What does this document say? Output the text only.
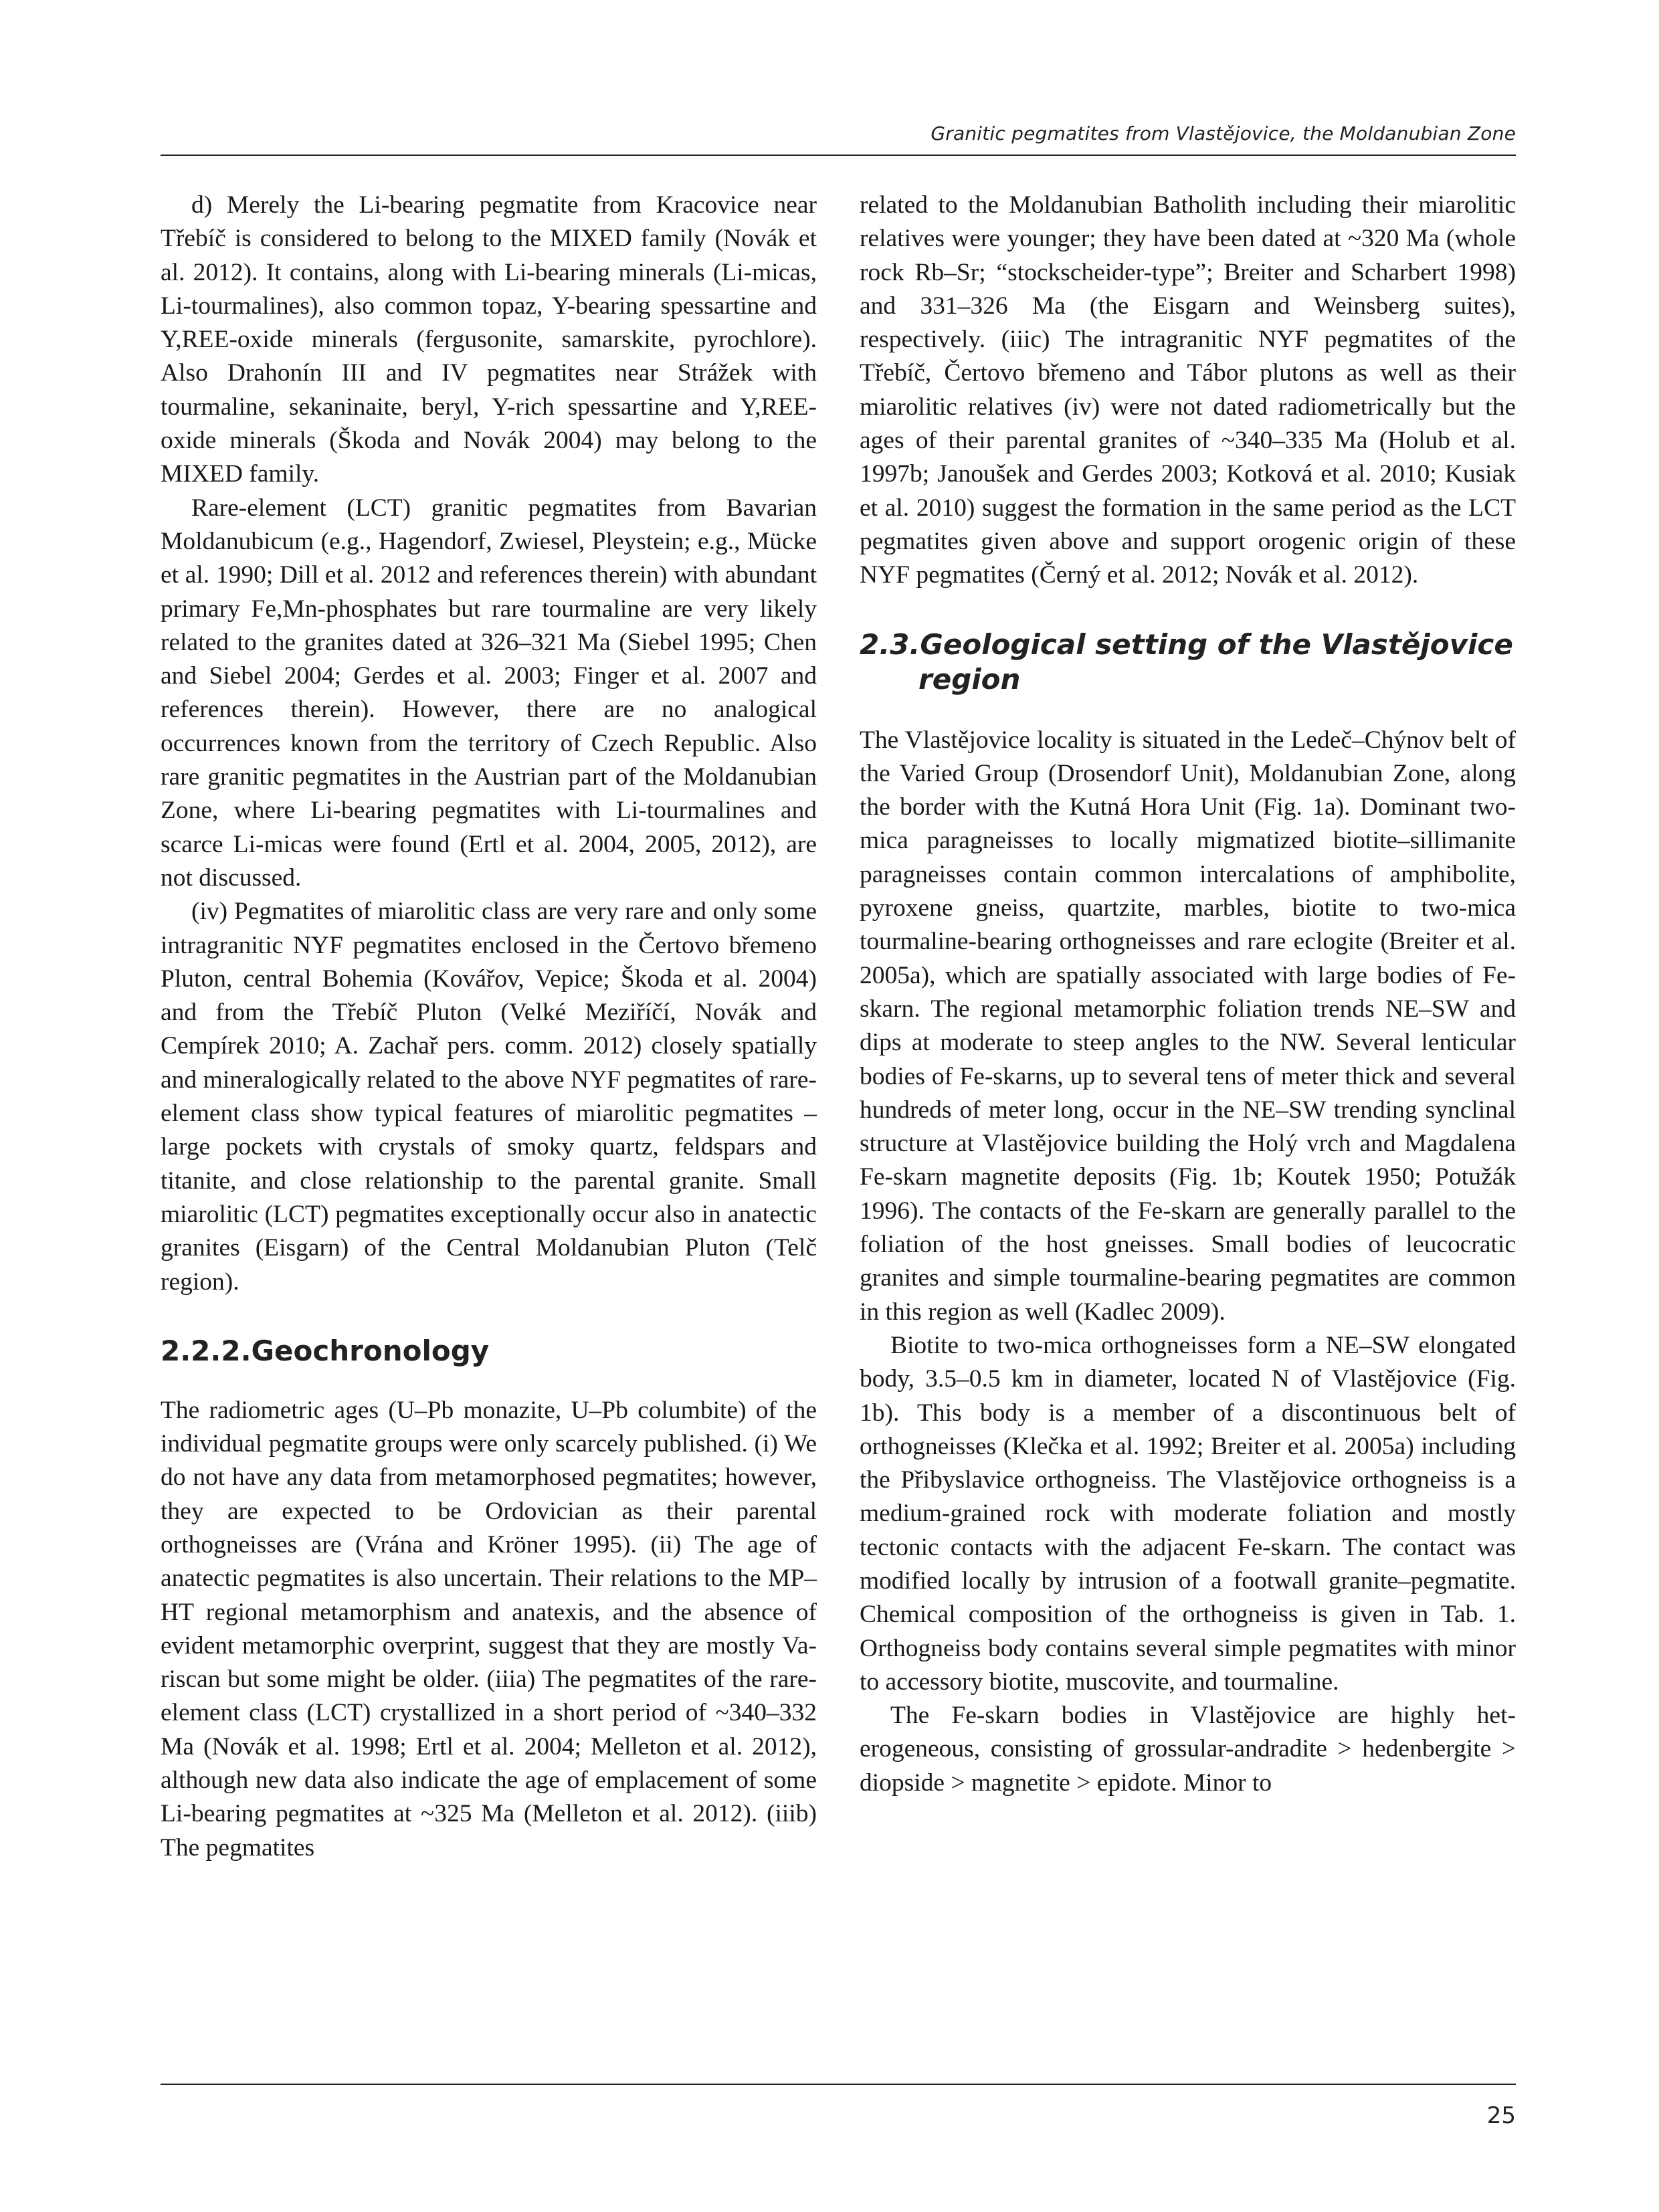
Granitic pegmatites from Vlastějovice, the Moldanubian Zone

d) Merely the Li-bearing pegmatite from Kracovice near Třebíč is considered to belong to the MIXED family (Novák et al. 2012). It contains, along with Li-bearing minerals (Li-micas, Li-tourmalines), also common topaz, Y-bearing spessartine and Y,REE-oxide minerals (fergusonite, samarskite, pyrochlore). Also Drahonín III and IV pegmatites near Strážek with tourmaline, sekaninaite, beryl, Y-rich spessartine and Y,REE-oxide minerals (Škoda and Novák 2004) may belong to the MIXED family.

Rare-element (LCT) granitic pegmatites from Bavarian Moldanubicum (e.g., Hagendorf, Zwiesel, Pleystein; e.g., Mücke et al. 1990; Dill et al. 2012 and references therein) with abundant primary Fe,Mn-phosphates but rare tourmaline are very likely related to the granites dated at 326–321 Ma (Siebel 1995; Chen and Siebel 2004; Gerdes et al. 2003; Finger et al. 2007 and references therein). However, there are no analogical occurrences known from the territory of Czech Republic. Also rare granitic pegmatites in the Austrian part of the Moldanubian Zone, where Li-bearing pegmatites with Li-tourmalines and scarce Li-micas were found (Ertl et al. 2004, 2005, 2012), are not discussed.

(iv) Pegmatites of miarolitic class are very rare and only some intragranitic NYF pegmatites enclosed in the Čertovo břemeno Pluton, central Bohemia (Kovářov, Vepice; Škoda et al. 2004) and from the Třebíč Pluton (Velké Meziříčí, Novák and Cempírek 2010; A. Zachař pers. comm. 2012) closely spatially and mineralogically related to the above NYF pegmatites of rare-element class show typical features of miarolitic pegmatites – large pockets with crystals of smoky quartz, feldspars and titanite, and close relationship to the parental granite. Small miarolitic (LCT) pegmatites exceptionally occur also in anatectic granites (Eisgarn) of the Central Moldanubian Pluton (Telč region).

2.2.2.Geochronology

The radiometric ages (U–Pb monazite, U–Pb columbite) of the individual pegmatite groups were only scarcely published. (i) We do not have any data from metamorphosed pegmatites; however, they are expected to be Ordovician as their parental orthogneisses are (Vrána and Kröner 1995). (ii) The age of anatectic pegmatites is also uncertain. Their relations to the MP–HT regional metamorphism and anatexis, and the absence of evident metamorphic overprint, suggest that they are mostly Variscan but some might be older. (iiia) The pegmatites of the rare-element class (LCT) crystallized in a short period of ~340–332 Ma (Novák et al. 1998; Ertl et al. 2004; Melleton et al. 2012), although new data also indicate the age of emplacement of some Li-bearing pegmatites at ~325 Ma (Melleton et al. 2012). (iiib) The pegmatites

related to the Moldanubian Batholith including their miarolitic relatives were younger; they have been dated at ~320 Ma (whole rock Rb–Sr; “stockscheider-type”; Breiter and Scharbert 1998) and 331–326 Ma (the Eisgarn and Weinsberg suites), respectively. (iiic) The intragranitic NYF pegmatites of the Třebíč, Čertovo břemeno and Tábor plutons as well as their miarolitic relatives (iv) were not dated radiometrically but the ages of their parental granites of ~340–335 Ma (Holub et al. 1997b; Janoušek and Gerdes 2003; Kotková et al. 2010; Kusiak et al. 2010) suggest the formation in the same period as the LCT pegmatites given above and support orogenic origin of these NYF pegmatites (Černý et al. 2012; Novák et al. 2012).

2.3.Geological setting of the Vlastějovice
region

The Vlastějovice locality is situated in the Ledeč–Chýnov belt of the Varied Group (Drosendorf Unit), Moldanubian Zone, along the border with the Kutná Hora Unit (Fig. 1a). Dominant two-mica paragneisses to locally migmatized biotite–sillimanite paragneisses contain common intercalations of amphibolite, pyroxene gneiss, quartzite, marbles, biotite to two-mica tourmaline-bearing orthogneisses and rare eclogite (Breiter et al. 2005a), which are spatially associated with large bodies of Fe-skarn. The regional metamorphic foliation trends NE–SW and dips at moderate to steep angles to the NW. Several lenticular bodies of Fe-skarns, up to several tens of meter thick and several hundreds of meter long, occur in the NE–SW trending synclinal structure at Vlastějovice building the Holý vrch and Magdalena Fe-skarn magnetite deposits (Fig. 1b; Koutek 1950; Potužák 1996). The contacts of the Fe-skarn are generally parallel to the foliation of the host gneisses. Small bodies of leucocratic granites and simple tourmaline-bearing pegmatites are common in this region as well (Kadlec 2009).

Biotite to two-mica orthogneisses form a NE–SW elongated body, 3.5–0.5 km in diameter, located N of Vlastějovice (Fig. 1b). This body is a member of a discontinuous belt of orthogneisses (Klečka et al. 1992; Breiter et al. 2005a) including the Přibyslavice orthogneiss. The Vlastějovice orthogneiss is a medium-grained rock with moderate foliation and mostly tectonic contacts with the adjacent Fe-skarn. The contact was modified locally by intrusion of a footwall granite–pegmatite. Chemical composition of the orthogneiss is given in Tab. 1. Orthogneiss body contains several simple pegmatites with minor to accessory biotite, muscovite, and tourmaline.

The Fe-skarn bodies in Vlastějovice are highly heterogeneous, consisting of grossular-andradite > hedenbergite > diopside > magnetite > epidote. Minor to

25
